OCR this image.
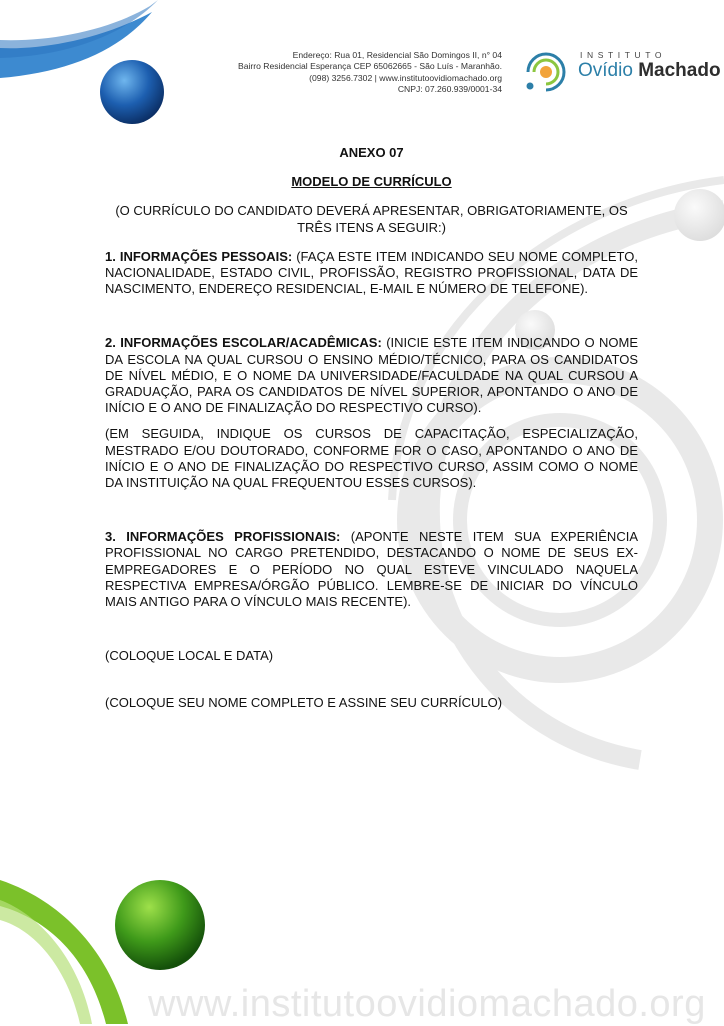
Endereço: Rua 01, Residencial São Domingos II, n° 04
Bairro Residencial Esperança CEP 65062665 - São Luís - Maranhão.
(098) 3256.7302 | www.institutoovidiomachado.org
CNPJ: 07.260.939/0001-34
INSTITUTO
Ovídio Machado

ANEXO 07

MODELO DE CURRÍCULO

(O CURRÍCULO DO CANDIDATO DEVERÁ APRESENTAR, OBRIGATORIAMENTE, OS TRÊS ITENS A SEGUIR:)

1. INFORMAÇÕES PESSOAIS: (FAÇA ESTE ITEM INDICANDO SEU NOME COMPLETO, NACIONALIDADE, ESTADO CIVIL, PROFISSÃO, REGISTRO PROFISSIONAL, DATA DE NASCIMENTO, ENDEREÇO RESIDENCIAL, E-MAIL E NÚMERO DE TELEFONE).

2. INFORMAÇÕES ESCOLAR/ACADÊMICAS: (INICIE ESTE ITEM INDICANDO O NOME DA ESCOLA NA QUAL CURSOU O ENSINO MÉDIO/TÉCNICO, PARA OS CANDIDATOS DE NÍVEL MÉDIO, E O NOME DA UNIVERSIDADE/FACULDADE NA QUAL CURSOU A GRADUAÇÃO, PARA OS CANDIDATOS DE NÍVEL SUPERIOR, APONTANDO O ANO DE INÍCIO E O ANO DE FINALIZAÇÃO DO RESPECTIVO CURSO).

(EM SEGUIDA, INDIQUE OS CURSOS DE CAPACITAÇÃO, ESPECIALIZAÇÃO, MESTRADO E/OU DOUTORADO, CONFORME FOR O CASO, APONTANDO O ANO DE INÍCIO E O ANO DE FINALIZAÇÃO DO RESPECTIVO CURSO, ASSIM COMO O NOME DA INSTITUIÇÃO NA QUAL FREQUENTOU ESSES CURSOS).

3. INFORMAÇÕES PROFISSIONAIS: (APONTE NESTE ITEM SUA EXPERIÊNCIA PROFISSIONAL NO CARGO PRETENDIDO, DESTACANDO O NOME DE SEUS EX-EMPREGADORES E O PERÍODO NO QUAL ESTEVE VINCULADO NAQUELA RESPECTIVA EMPRESA/ÓRGÃO PÚBLICO. LEMBRE-SE DE INICIAR DO VÍNCULO MAIS ANTIGO PARA O VÍNCULO MAIS RECENTE).

(COLOQUE LOCAL E DATA)

(COLOQUE SEU NOME COMPLETO E ASSINE SEU CURRÍCULO)

www.institutoovidiomachado.org
